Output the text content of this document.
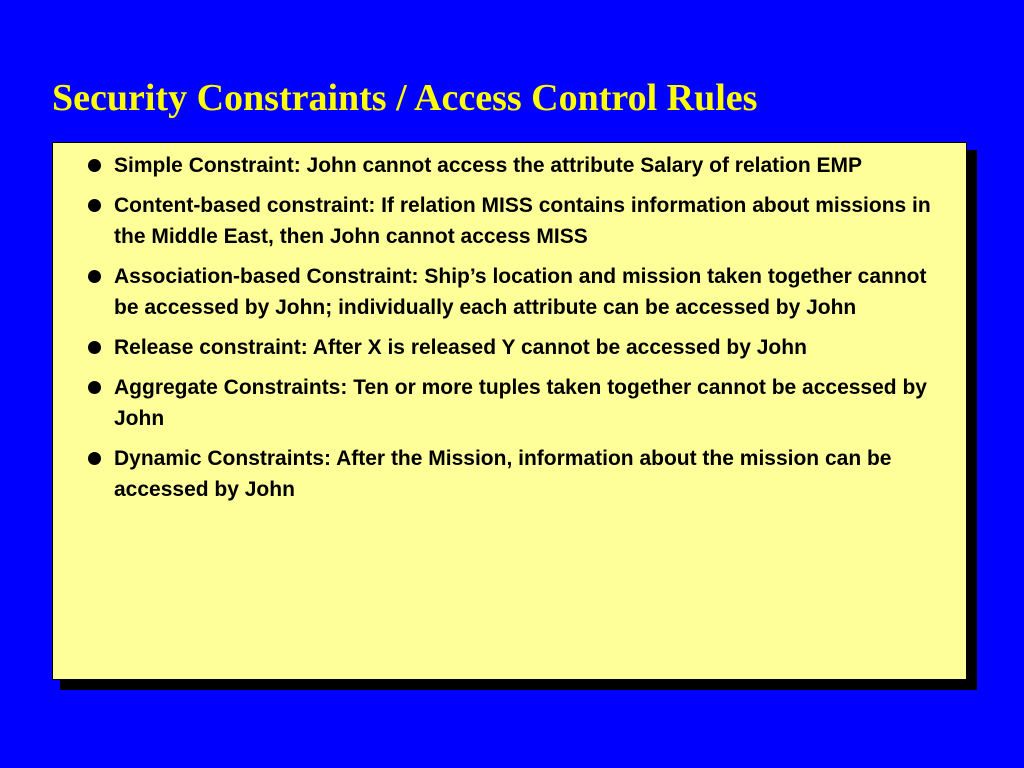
Security Constraints / Access Control Rules
Simple Constraint: John cannot access the attribute Salary of relation EMP
Content-based constraint: If relation MISS contains information about missions in the Middle East, then John cannot access MISS
Association-based Constraint: Ship’s location and mission taken together cannot be accessed by John; individually each attribute can be accessed by John
Release constraint: After X is released Y cannot be accessed by John
Aggregate Constraints: Ten or more tuples taken together cannot be accessed by John
Dynamic Constraints: After the Mission, information about the mission can be accessed by John
